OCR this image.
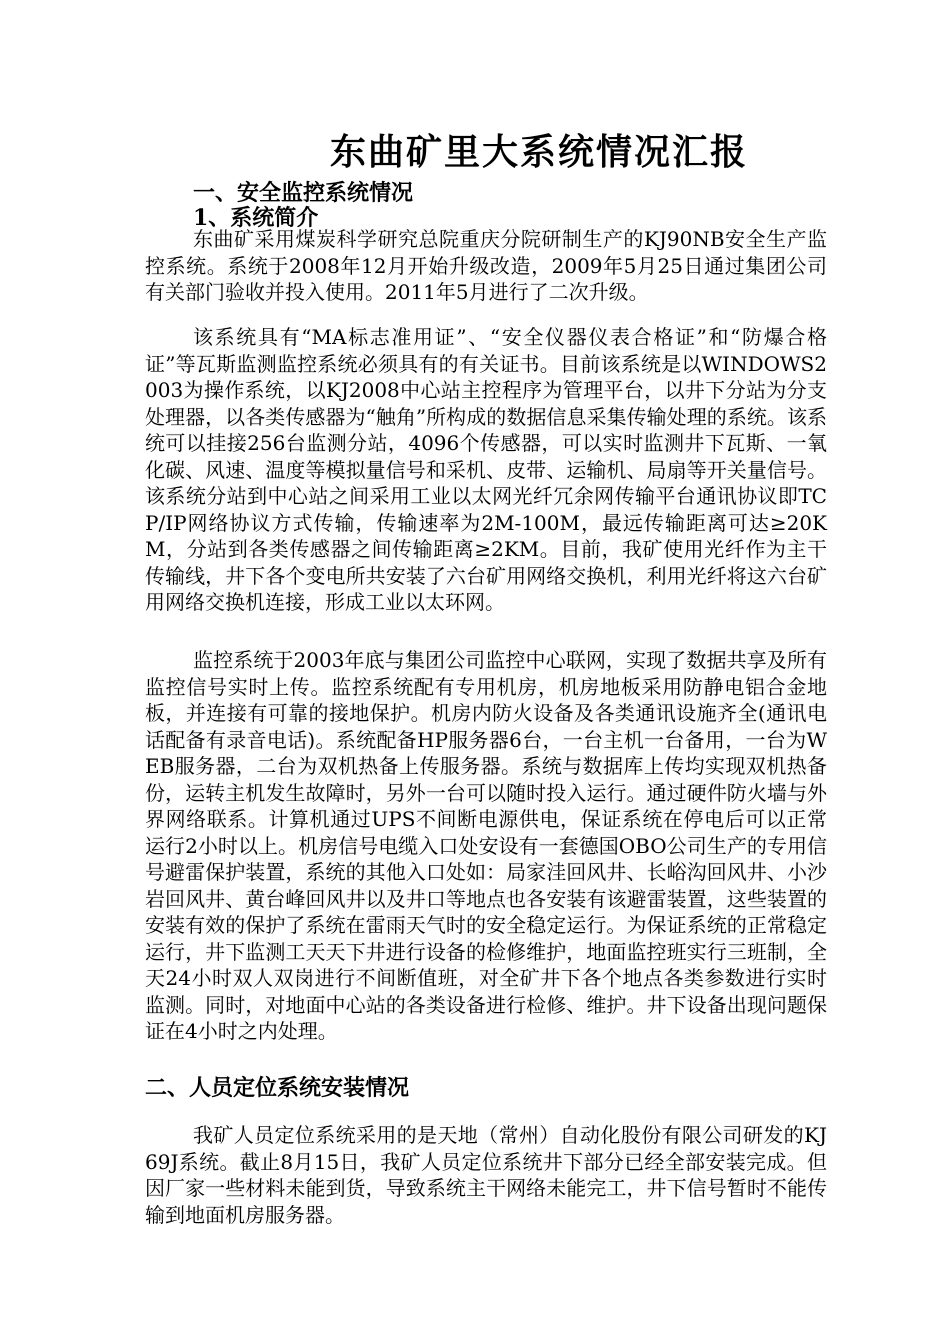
东曲矿里大系统情况汇报
一、安全监控系统情况
1、系统简介

东曲矿采用煤炭科学研究总院重庆分院研制生产的KJ90NB安全生产监控系统。系统于2008年12月开始升级改造，2009年5月25日通过集团公司有关部门验收并投入使用。2011年5月进行了二次升级。

该系统具有“MA标志准用证”、“安全仪器仪表合格证”和“防爆合格证”等瓦斯监测监控系统必须具有的有关证书。目前该系统是以WINDOWS2003为操作系统，以KJ2008中心站主控程序为管理平台，以井下分站为分支处理器，以各类传感器为“触角”所构成的数据信息采集传输处理的系统。该系统可以挂接256台监测分站，4096个传感器，可以实时监测井下瓦斯、一氧化碳、风速、温度等模拟量信号和采机、皮带、运输机、局扇等开关量信号。该系统分站到中心站之间采用工业以太网光纤冗余网传输平台通讯协议即TCP/IP网络协议方式传输，传输速率为2M-100M，最远传输距离可达≥20KM，分站到各类传感器之间传输距离≥2KM。目前，我矿使用光纤作为主干传输线，井下各个变电所共安装了六台矿用网络交换机，利用光纤将这六台矿用网络交换机连接，形成工业以太环网。

监控系统于2003年底与集团公司监控中心联网，实现了数据共享及所有监控信号实时上传。监控系统配有专用机房，机房地板采用防静电铝合金地板，并连接有可靠的接地保护。机房内防火设备及各类通讯设施齐全(通讯电话配备有录音电话)。系统配备HP服务器6台，一台主机一台备用，一台为WEB服务器，二台为双机热备上传服务器。系统与数据库上传均实现双机热备份，运转主机发生故障时，另外一台可以随时投入运行。通过硬件防火墙与外界网络联系。计算机通过UPS不间断电源供电，保证系统在停电后可以正常运行2小时以上。机房信号电缆入口处安设有一套德国OBO公司生产的专用信号避雷保护装置，系统的其他入口处如：局家洼回风井、长峪沟回风井、小沙岩回风井、黄台峰回风井以及井口等地点也各安装有该避雷装置，这些装置的安装有效的保护了系统在雷雨天气时的安全稳定运行。为保证系统的正常稳定运行，井下监测工天天下井进行设备的检修维护，地面监控班实行三班制，全天24小时双人双岗进行不间断值班，对全矿井下各个地点各类参数进行实时监测。同时，对地面中心站的各类设备进行检修、维护。井下设备出现问题保证在4小时之内处理。

二、人员定位系统安装情况

我矿人员定位系统采用的是天地（常州）自动化股份有限公司研发的KJ69J系统。截止8月15日，我矿人员定位系统井下部分已经全部安装完成。但因厂家一些材料未能到货，导致系统主干网络未能完工，井下信号暂时不能传输到地面机房服务器。
